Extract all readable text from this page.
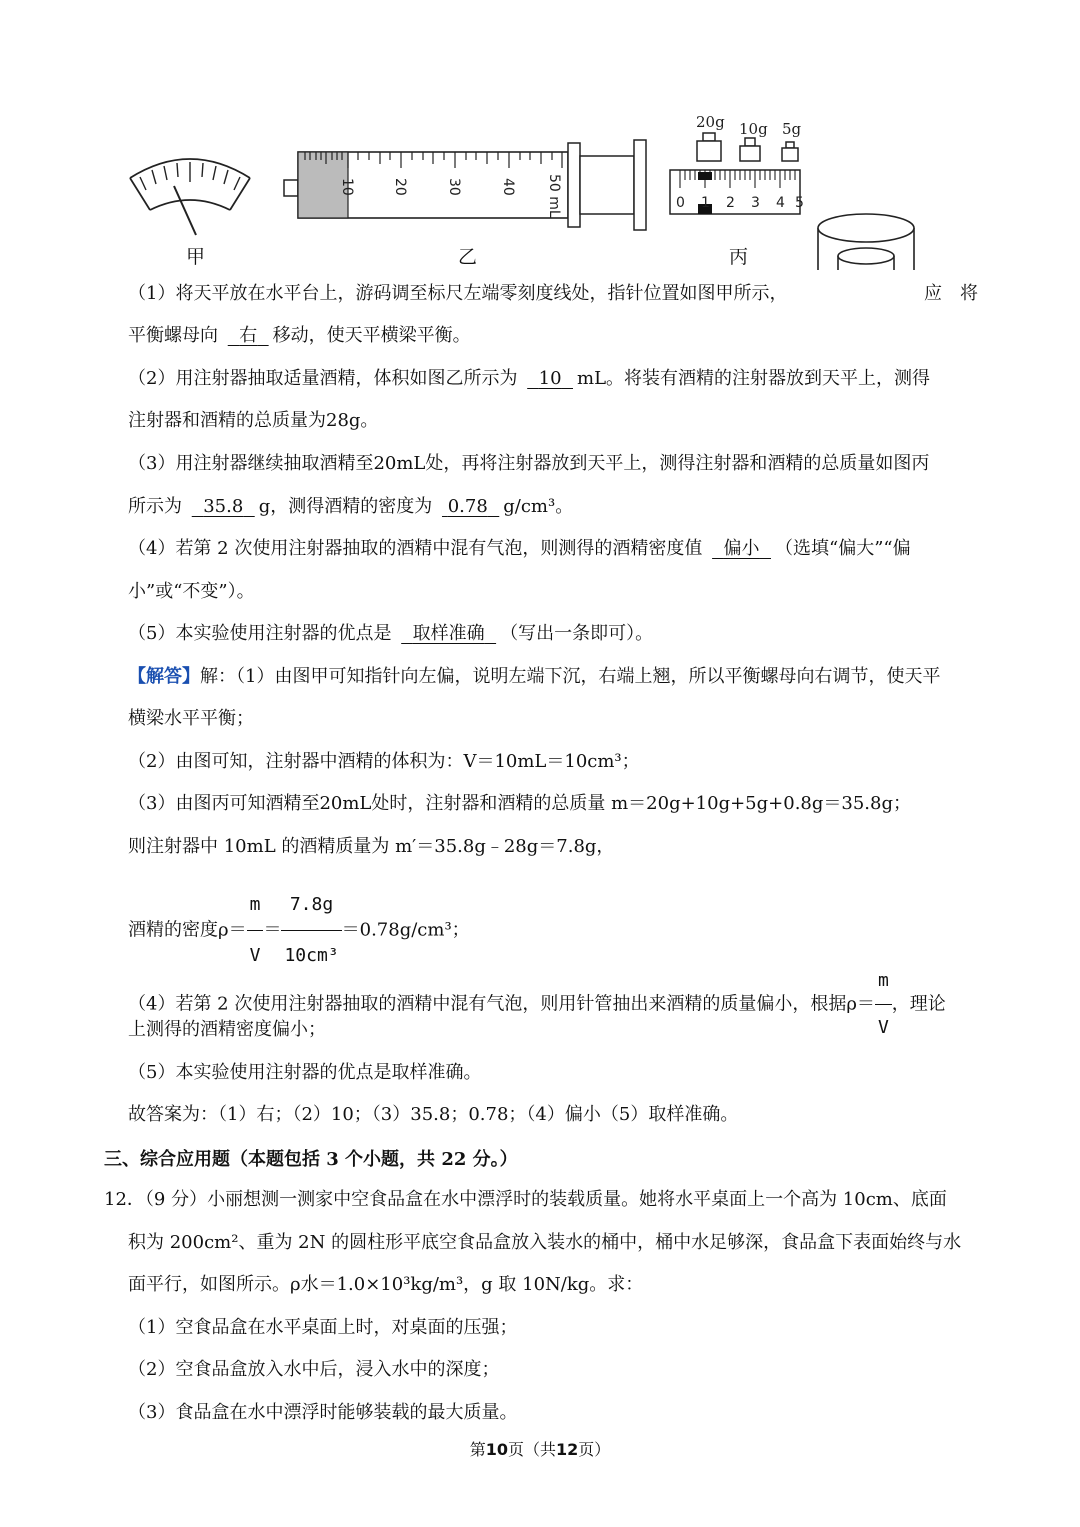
10	20	30	40 50 mL
20g 10g 5g
0 1 2 3 4 5
甲	乙	丙
（1）将天平放在水平台上，游码调至标尺左端零刻度线处，指针位置如图甲所示，	应　将
平衡螺母向 右 移动，使天平横梁平衡。
（2）用注射器抽取适量酒精，体积如图乙所示为 10 mL。将装有酒精的注射器放到天平上，测得
注射器和酒精的总质量为28g。
（3）用注射器继续抽取酒精至20mL处，再将注射器放到天平上，测得注射器和酒精的总质量如图丙
所示为 35.8 g，测得酒精的密度为 0.78 g/cm³。
（4）若第 2 次使用注射器抽取的酒精中混有气泡，则测得的酒精密度值 偏小 （选填“偏大”“偏
小”或“不变”）。
（5）本实验使用注射器的优点是 取样准确 （写出一条即可）。
【解答】解：（1）由图甲可知指针向左偏，说明左端下沉，右端上翘，所以平衡螺母向右调节，使天平
横梁水平平衡；
（2）由图可知，注射器中酒精的体积为：V＝10mL＝10cm³；
（3）由图丙可知酒精至20mL处时，注射器和酒精的总质量 m＝20g+10g+5g+0.8g＝35.8g；
则注射器中 10mL 的酒精质量为 m′＝35.8g﹣28g＝7.8g，
酒精的密度$\rho= \frac{m}{V} = \frac{7.8g}{\text{10cm³}} =0.78g/cm^3$；
（4）若第 2 次使用注射器抽取的酒精中混有气泡，则用针管抽出来酒精的质量偏小，根据$\rho= \frac{m}{V}$ ，理论
上测得的酒精密度偏小；
（5）本实验使用注射器的优点是取样准确。
故答案为：（1）右；（2）10；（3）35.8；0.78；（4）偏小（5）取样准确。
三、综合应用题（本题包括 3 个小题，共 22 分。）
12．（9 分）小丽想测一测家中空食品盒在水中漂浮时的装载质量。她将水平桌面上一个高为 10cm、底面
积为 200cm²、重为 2N 的圆柱形平底空食品盒放入装水的桶中，桶中水足够深，食品盒下表面始终与水
面平行，如图所示。ρ水＝1.0×10³kg/m³，g 取 10N/kg。求：
（1）空食品盒在水平桌面上时，对桌面的压强；
（2）空食品盒放入水中后，浸入水中的深度；
（3）食品盒在水中漂浮时能够装载的最大质量。
第10页（共12页）
